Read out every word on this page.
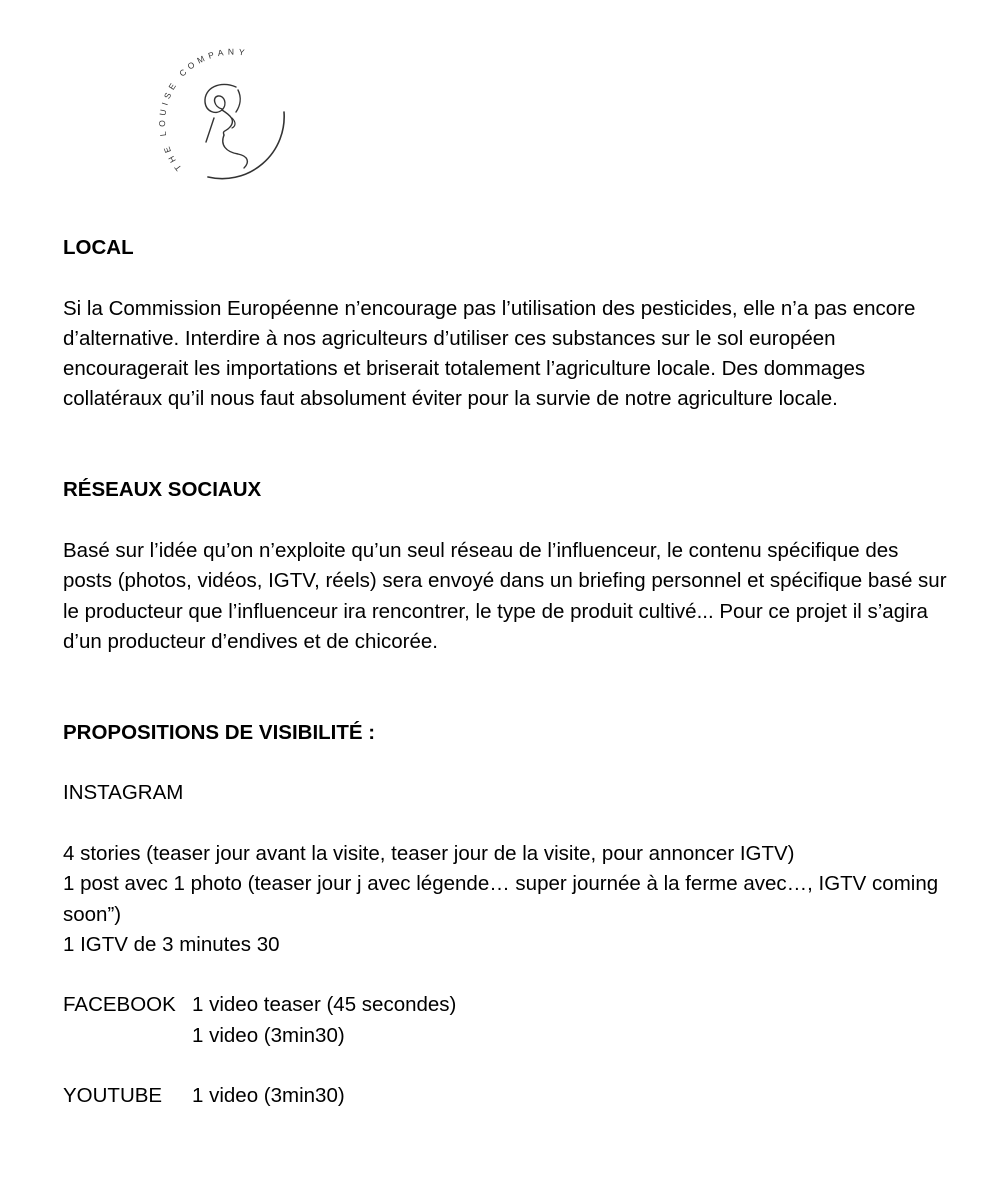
THE LOUISE COMPANY

LOCAL

Si la Commission Européenne n’encourage pas l’utilisation des pesticides, elle n’a pas encore d’alternative. Interdire à nos agriculteurs d’utiliser ces substances sur le sol européen encouragerait les importations et briserait totalement l’agriculture locale. Des dommages collatéraux qu’il nous faut absolument éviter pour la survie de notre agriculture locale.

RÉSEAUX SOCIAUX

Basé sur l’idée qu’on n’exploite qu’un seul réseau de l’influenceur, le contenu spécifique des posts (photos, vidéos, IGTV, réels) sera envoyé dans un briefing personnel et spécifique basé sur le producteur que l’influenceur ira rencontrer, le type de produit cultivé... Pour ce projet il s’agira d’un producteur d’endives et de chicorée.

PROPOSITIONS DE VISIBILITÉ :

INSTAGRAM

4 stories (teaser jour avant la visite, teaser jour de la visite, pour annoncer IGTV)

1 post avec 1 photo (teaser jour j avec légende… super journée à la ferme avec…, IGTV coming soon”)

1 IGTV de 3 minutes 30

FACEBOOK 1 video teaser (45 secondes)
1 video (3min30)
YOUTUBE	1 video (3min30)
